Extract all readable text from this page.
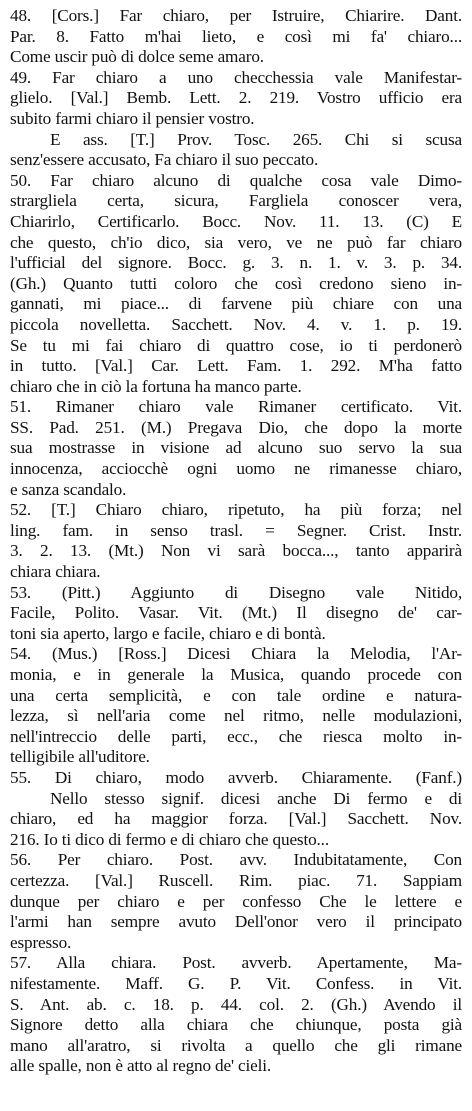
48. [Cors.] Far chiaro, per Istruire, Chiarire. Dant.
Par. 8. Fatto m'hai lieto, e così mi fa' chiaro...
Come uscir può di dolce seme amaro.
49. Far chiaro a uno checchessia vale Manifestar-
glielo. [Val.] Bemb. Lett. 2. 219. Vostro ufficio era
subito farmi chiaro il pensier vostro.
E ass. [T.] Prov. Tosc. 265. Chi si scusa
senz'essere accusato, Fa chiaro il suo peccato.
50. Far chiaro alcuno di qualche cosa vale Dimo-
strargliela certa, sicura, Fargliela conoscer vera,
Chiarirlo, Certificarlo. Bocc. Nov. 11. 13. (C) E
che questo, ch'io dico, sia vero, ve ne può far chiaro
l'ufficial del signore. Bocc. g. 3. n. 1. v. 3. p. 34.
(Gh.) Quanto tutti coloro che così credono sieno in-
gannati, mi piace... di farvene più chiare con una
piccola novelletta. Sacchett. Nov. 4. v. 1. p. 19.
Se tu mi fai chiaro di quattro cose, io ti perdonerò
in tutto. [Val.] Car. Lett. Fam. 1. 292. M'ha fatto
chiaro che in ciò la fortuna ha manco parte.
51. Rimaner chiaro vale Rimaner certificato. Vit.
SS. Pad. 251. (M.) Pregava Dio, che dopo la morte
sua mostrasse in visione ad alcuno suo servo la sua
innocenza, acciocchè ogni uomo ne rimanesse chiaro,
e sanza scandalo.
52. [T.] Chiaro chiaro, ripetuto, ha più forza; nel
ling. fam. in senso trasl. = Segner. Crist. Instr.
3. 2. 13. (Mt.) Non vi sarà bocca..., tanto apparirà
chiara chiara.
53. (Pitt.) Aggiunto di Disegno vale Nitido,
Facile, Polito. Vasar. Vit. (Mt.) Il disegno de' car-
toni sia aperto, largo e facile, chiaro e di bontà.
54. (Mus.) [Ross.] Dicesi Chiara la Melodia, l'Ar-
monia, e in generale la Musica, quando procede con
una certa semplicità, e con tale ordine e natura-
lezza, sì nell'aria come nel ritmo, nelle modulazioni,
nell'intreccio delle parti, ecc., che riesca molto in-
telligibile all'uditore.
55. Di chiaro, modo avverb. Chiaramente. (Fanf.)
Nello stesso signif. dicesi anche Di fermo e di
chiaro, ed ha maggior forza. [Val.] Sacchett. Nov.
216. Io ti dico di fermo e di chiaro che questo...
56. Per chiaro. Post. avv. Indubitatamente, Con
certezza. [Val.] Ruscell. Rim. piac. 71. Sappiam
dunque per chiaro e per confesso Che le lettere e
l'armi han sempre avuto Dell'onor vero il principato
espresso.
57. Alla chiara. Post. avverb. Apertamente, Ma-
nifestamente. Maff. G. P. Vit. Confess. in Vit.
S. Ant. ab. c. 18. p. 44. col. 2. (Gh.) Avendo il
Signore detto alla chiara che chiunque, posta già
mano all'aratro, si rivolta a quello che gli rimane
alle spalle, non è atto al regno de' cieli.
